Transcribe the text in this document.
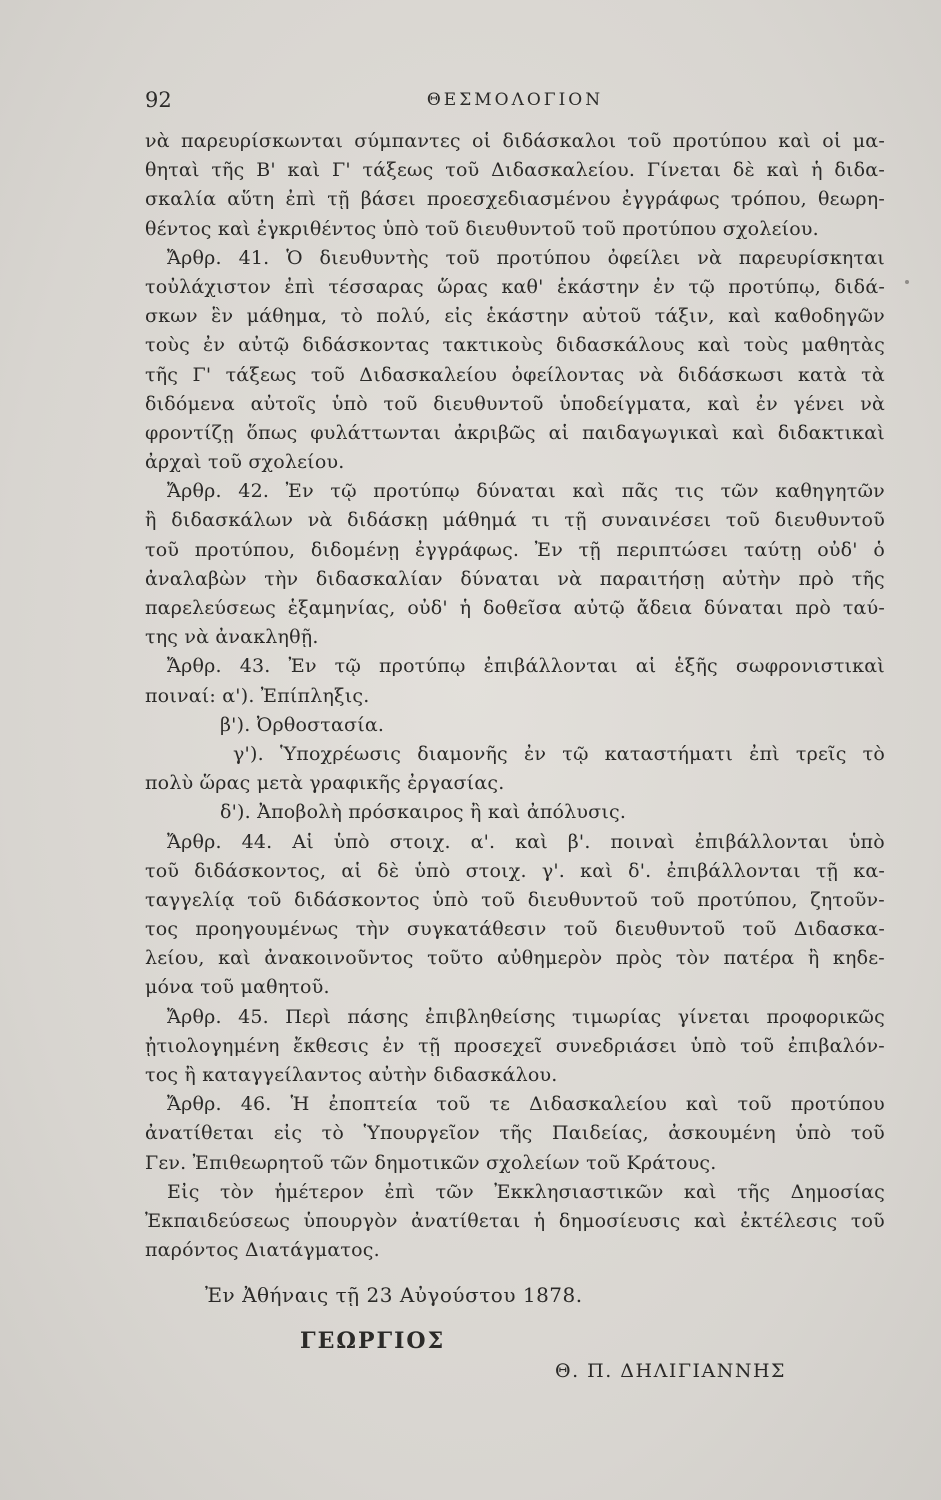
92	ΘΕΣΜΟΛΟΓΙΟΝ
νὰ παρευρίσκωνται σύμπαντες οἱ διδάσκαλοι τοῦ προτύπου καὶ οἱ μα-
θηταὶ τῆς Β' καὶ Γ' τάξεως τοῦ Διδασκαλείου. Γίνεται δὲ καὶ ἡ διδα-
σκαλία αὕτη ἐπὶ τῇ βάσει προεσχεδιασμένου ἐγγράφως τρόπου, θεωρη-
θέντος καὶ ἐγκριθέντος ὑπὸ τοῦ διευθυντοῦ τοῦ προτύπου σχολείου.
Ἄρθρ. 41. Ὁ διευθυντὴς τοῦ προτύπου ὀφείλει νὰ παρευρίσκηται
τοὐλάχιστον ἐπὶ τέσσαρας ὥρας καθ' ἑκάστην ἐν τῷ προτύπῳ, διδά-
σκων ἓν μάθημα, τὸ πολύ, εἰς ἑκάστην αὐτοῦ τάξιν, καὶ καθοδηγῶν
τοὺς ἐν αὐτῷ διδάσκοντας τακτικοὺς διδασκάλους καὶ τοὺς μαθητὰς
τῆς Γ' τάξεως τοῦ Διδασκαλείου ὀφείλοντας νὰ διδάσκωσι κατὰ τὰ
διδόμενα αὐτοῖς ὑπὸ τοῦ διευθυντοῦ ὑποδείγματα, καὶ ἐν γένει νὰ
φροντίζῃ ὅπως φυλάττωνται ἀκριβῶς αἱ παιδαγωγικαὶ καὶ διδακτικαὶ
ἀρχαὶ τοῦ σχολείου.
Ἄρθρ. 42. Ἐν τῷ προτύπῳ δύναται καὶ πᾶς τις τῶν καθηγητῶν
ἢ διδασκάλων νὰ διδάσκῃ μάθημά τι τῇ συναινέσει τοῦ διευθυντοῦ
τοῦ προτύπου, διδομένῃ ἐγγράφως. Ἐν τῇ περιπτώσει ταύτῃ οὐδ' ὁ
ἀναλαβὼν τὴν διδασκαλίαν δύναται νὰ παραιτήσῃ αὐτὴν πρὸ τῆς
παρελεύσεως ἑξαμηνίας, οὐδ' ἡ δοθεῖσα αὐτῷ ἄδεια δύναται πρὸ ταύ-
της νὰ ἀνακληθῇ.
Ἄρθρ. 43. Ἐν τῷ προτύπῳ ἐπιβάλλονται αἱ ἑξῆς σωφρονιστικαὶ
ποιναί: α'). Ἐπίπληξις.
β'). Ὀρθοστασία.
γ'). Ὑποχρέωσις διαμονῆς ἐν τῷ καταστήματι ἐπὶ τρεῖς τὸ
πολὺ ὥρας μετὰ γραφικῆς ἐργασίας.
δ'). Ἀποβολὴ πρόσκαιρος ἢ καὶ ἀπόλυσις.
Ἄρθρ. 44. Αἱ ὑπὸ στοιχ. α'. καὶ β'. ποιναὶ ἐπιβάλλονται ὑπὸ
τοῦ διδάσκοντος, αἱ δὲ ὑπὸ στοιχ. γ'. καὶ δ'. ἐπιβάλλονται τῇ κα-
ταγγελίᾳ τοῦ διδάσκοντος ὑπὸ τοῦ διευθυντοῦ τοῦ προτύπου, ζητοῦν-
τος προηγουμένως τὴν συγκατάθεσιν τοῦ διευθυντοῦ τοῦ Διδασκα-
λείου, καὶ ἀνακοινοῦντος τοῦτο αὐθημερὸν πρὸς τὸν πατέρα ἢ κηδε-
μόνα τοῦ μαθητοῦ.
Ἄρθρ. 45. Περὶ πάσης ἐπιβληθείσης τιμωρίας γίνεται προφορικῶς
ᾐτιολογημένη ἔκθεσις ἐν τῇ προσεχεῖ συνεδριάσει ὑπὸ τοῦ ἐπιβαλόν-
τος ἢ καταγγείλαντος αὐτὴν διδασκάλου.
Ἄρθρ. 46. Ἡ ἐποπτεία τοῦ τε Διδασκαλείου καὶ τοῦ προτύπου
ἀνατίθεται εἰς τὸ Ὑπουργεῖον τῆς Παιδείας, ἀσκουμένη ὑπὸ τοῦ
Γεν. Ἐπιθεωρητοῦ τῶν δημοτικῶν σχολείων τοῦ Κράτους.
Εἰς τὸν ἡμέτερον ἐπὶ τῶν Ἐκκλησιαστικῶν καὶ τῆς Δημοσίας
Ἐκπαιδεύσεως ὑπουργὸν ἀνατίθεται ἡ δημοσίευσις καὶ ἐκτέλεσις τοῦ
παρόντος Διατάγματος.
Ἐν Ἀθήναις τῇ 23 Αὐγούστου 1878.
ΓΕΩΡΓΙΟΣ
Θ. Π. ΔΗΛΙΓΙΑΝΝΗΣ
